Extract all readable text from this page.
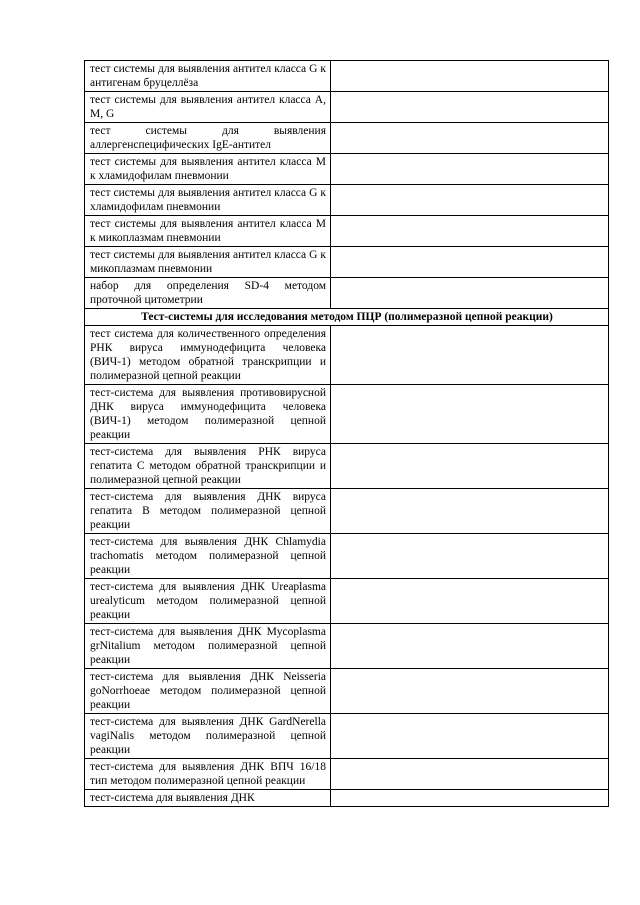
тест системы для выявления антител класса G к антигенам бруцеллёза	
тест системы для выявления антител класса A, M, G	
тест системы для выявления аллергенспецифических IgE-антител	
тест системы для выявления антител класса M к хламидофилам пневмонии	
тест системы для выявления антител класса G к хламидофилам пневмонии	
тест системы для выявления антител класса M к микоплазмам пневмонии	
тест системы для выявления антител класса G к микоплазмам пневмонии	
набор для определения SD-4 методом проточной цитометрии	
Тест-системы для исследования методом ПЦР (полимеразной цепной реакции)	
тест система для количественного определения РНК вируса иммунодефицита человека (ВИЧ-1) методом обратной транскрипции и полимеразной цепной реакции	
тест-система для выявления противовирусной ДНК вируса иммунодефицита человека (ВИЧ-1) методом полимеразной цепной реакции	
тест-система для выявления РНК вируса гепатита С методом обратной транскрипции и полимеразной цепной реакции	
тест-система для выявления ДНК вируса гепатита В методом полимеразной цепной реакции	
тест-система для выявления ДНК Chlamydia trachomatis методом полимеразной цепной реакции	
тест-система для выявления ДНК Ureaplasma urealyticum методом полимеразной цепной реакции	
тест-система для выявления ДНК Mycoplasma grNitalium методом полимеразной цепной реакции	
тест-система для выявления ДНК Neisseria goNorrhoeae методом полимеразной цепной реакции	
тест-система для выявления ДНК GardNerella vagiNalis методом полимеразной цепной реакции	
тест-система для выявления ДНК ВПЧ 16/18 тип методом полимеразной цепной реакции	
тест-система для выявления ДНК	
